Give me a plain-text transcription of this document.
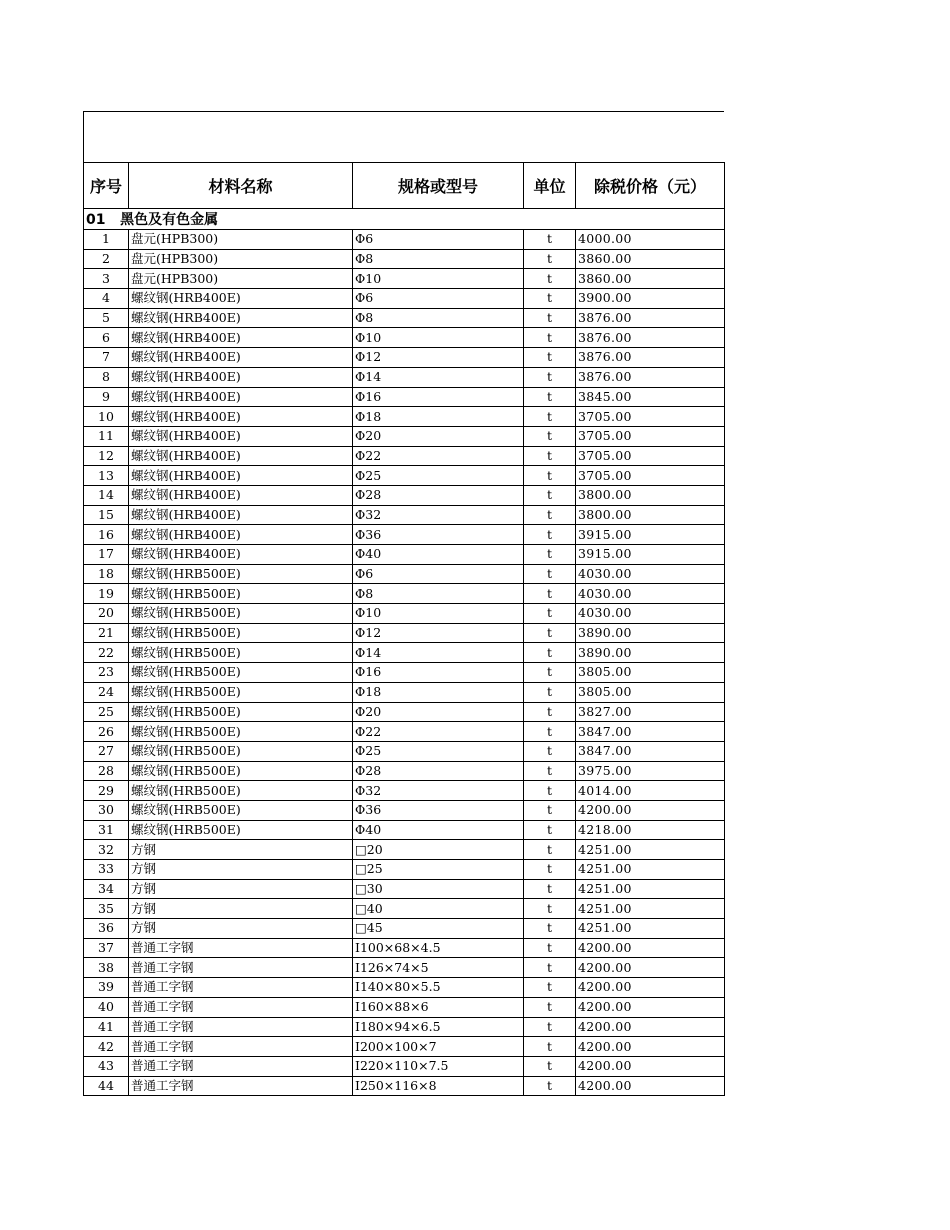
序号	材料名称	规格或型号	单位	除税价格（元）
01 黑色及有色金属				
1	盘元(HPB300)	Φ6	t	4000.00
2	盘元(HPB300)	Φ8	t	3860.00
3	盘元(HPB300)	Φ10	t	3860.00
4	螺纹钢(HRB400E)	Φ6	t	3900.00
5	螺纹钢(HRB400E)	Φ8	t	3876.00
6	螺纹钢(HRB400E)	Φ10	t	3876.00
7	螺纹钢(HRB400E)	Φ12	t	3876.00
8	螺纹钢(HRB400E)	Φ14	t	3876.00
9	螺纹钢(HRB400E)	Φ16	t	3845.00
10	螺纹钢(HRB400E)	Φ18	t	3705.00
11	螺纹钢(HRB400E)	Φ20	t	3705.00
12	螺纹钢(HRB400E)	Φ22	t	3705.00
13	螺纹钢(HRB400E)	Φ25	t	3705.00
14	螺纹钢(HRB400E)	Φ28	t	3800.00
15	螺纹钢(HRB400E)	Φ32	t	3800.00
16	螺纹钢(HRB400E)	Φ36	t	3915.00
17	螺纹钢(HRB400E)	Φ40	t	3915.00
18	螺纹钢(HRB500E)	Φ6	t	4030.00
19	螺纹钢(HRB500E)	Φ8	t	4030.00
20	螺纹钢(HRB500E)	Φ10	t	4030.00
21	螺纹钢(HRB500E)	Φ12	t	3890.00
22	螺纹钢(HRB500E)	Φ14	t	3890.00
23	螺纹钢(HRB500E)	Φ16	t	3805.00
24	螺纹钢(HRB500E)	Φ18	t	3805.00
25	螺纹钢(HRB500E)	Φ20	t	3827.00
26	螺纹钢(HRB500E)	Φ22	t	3847.00
27	螺纹钢(HRB500E)	Φ25	t	3847.00
28	螺纹钢(HRB500E)	Φ28	t	3975.00
29	螺纹钢(HRB500E)	Φ32	t	4014.00
30	螺纹钢(HRB500E)	Φ36	t	4200.00
31	螺纹钢(HRB500E)	Φ40	t	4218.00
32	方钢	□20	t	4251.00
33	方钢	□25	t	4251.00
34	方钢	□30	t	4251.00
35	方钢	□40	t	4251.00
36	方钢	□45	t	4251.00
37	普通工字钢	I100×68×4.5	t	4200.00
38	普通工字钢	I126×74×5	t	4200.00
39	普通工字钢	I140×80×5.5	t	4200.00
40	普通工字钢	I160×88×6	t	4200.00
41	普通工字钢	I180×94×6.5	t	4200.00
42	普通工字钢	I200×100×7	t	4200.00
43	普通工字钢	I220×110×7.5	t	4200.00
44	普通工字钢	I250×116×8	t	4200.00
